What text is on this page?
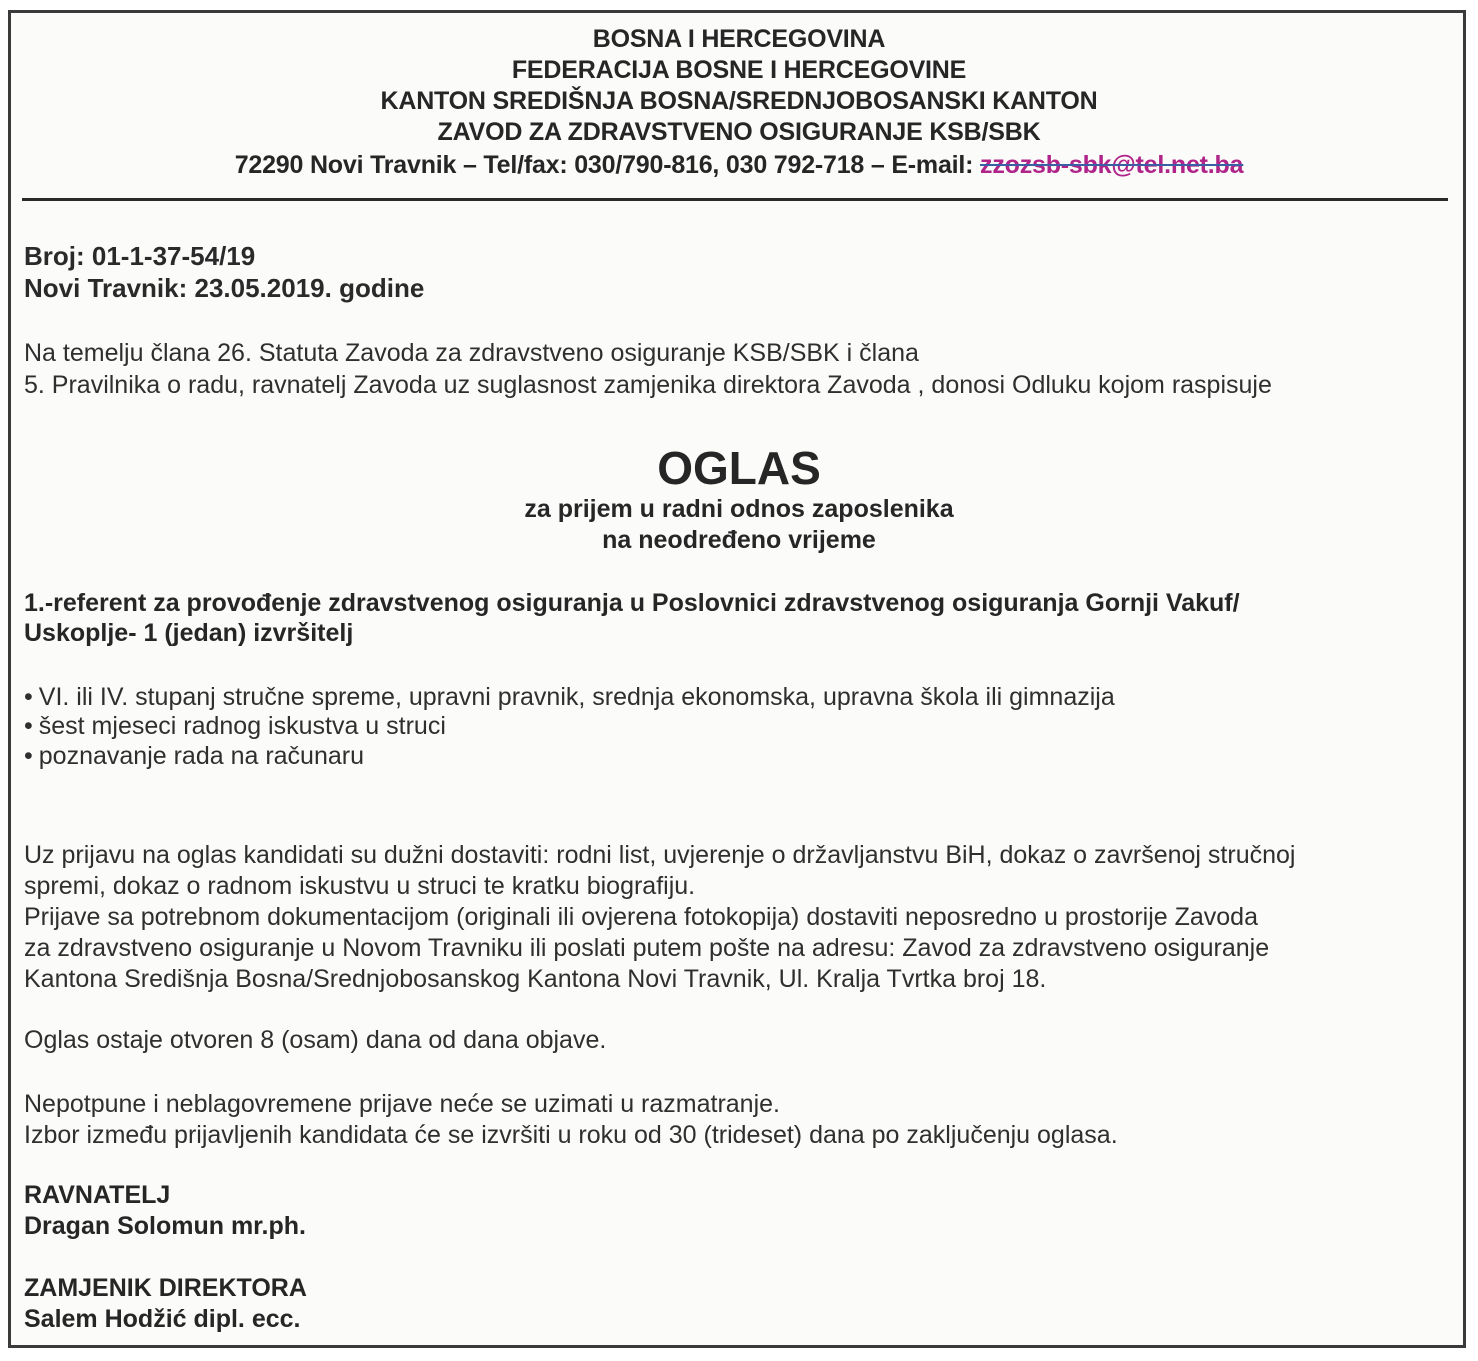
BOSNA I HERCEGOVINA
FEDERACIJA BOSNE I HERCEGOVINE
KANTON SREDIŠNJA BOSNA/SREDNJOBOSANSKI KANTON
ZAVOD ZA ZDRAVSTVENO OSIGURANJE KSB/SBK
72290 Novi Travnik – Tel/fax: 030/790-816, 030 792-718 – E-mail: zzozsb-sbk@tel.net.ba
Broj: 01-1-37-54/19
Novi Travnik: 23.05.2019. godine
Na temelju člana 26. Statuta Zavoda za zdravstveno osiguranje KSB/SBK i člana
5. Pravilnika o radu, ravnatelj Zavoda uz suglasnost zamjenika direktora Zavoda , donosi Odluku kojom raspisuje
OGLAS
za prijem u radni odnos zaposlenika
na neodređeno vrijeme
1.-referent za provođenje zdravstvenog osiguranja u Poslovnici zdravstvenog osiguranja Gornji Vakuf/
Uskoplje- 1 (jedan) izvršitelj
• VI. ili IV. stupanj stručne spreme, upravni pravnik, srednja ekonomska, upravna škola ili gimnazija
• šest mjeseci radnog iskustva u struci
• poznavanje rada na računaru
Uz prijavu na oglas kandidati su dužni dostaviti: rodni list, uvjerenje o državljanstvu BiH, dokaz o završenoj stručnoj
spremi, dokaz o radnom iskustvu u struci te kratku biografiju.
Prijave sa potrebnom dokumentacijom (originali ili ovjerena fotokopija) dostaviti neposredno u prostorije Zavoda
za zdravstveno osiguranje u Novom Travniku ili poslati putem pošte na adresu: Zavod za zdravstveno osiguranje
Kantona Središnja Bosna/Srednjobosanskog Kantona Novi Travnik, Ul. Kralja Tvrtka broj 18.
Oglas ostaje otvoren 8 (osam) dana od dana objave.
Nepotpune i neblagovremene prijave neće se uzimati u razmatranje.
Izbor između prijavljenih kandidata će se izvršiti u roku od 30 (trideset) dana po zaključenju oglasa.
RAVNATELJ
Dragan Solomun mr.ph.
ZAMJENIK DIREKTORA
Salem Hodžić dipl. ecc.
